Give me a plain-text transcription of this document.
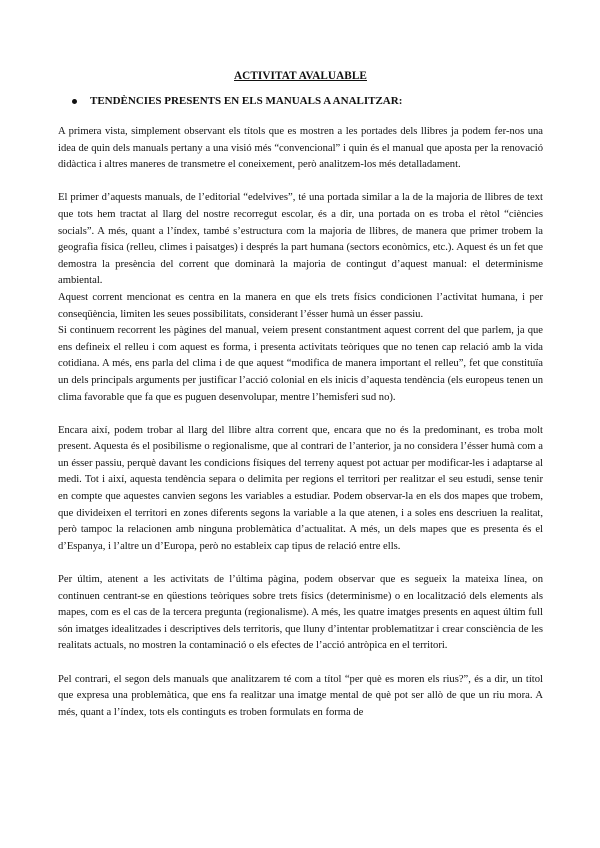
ACTIVITAT AVALUABLE
TENDÈNCIES PRESENTS EN ELS MANUALS A ANALITZAR:

A primera vista, simplement observant els títols que es mostren a les portades dels llibres ja podem fer-nos una idea de quin dels manuals pertany a una visió més “convencional” i quin és el manual que aposta per la renovació didàctica i altres maneres de transmetre el coneixement, però analitzem-los més detalladament.

El primer d’aquests manuals, de l’editorial “edelvives”, té una portada similar a la de la majoria de llibres de text que tots hem tractat al llarg del nostre recorregut escolar, és a dir, una portada on es troba el rètol “ciències socials”. A més, quant a l’índex, també s’estructura com la majoria de llibres, de manera que primer trobem la geografia física (relleu, climes i paisatges) i després la part humana (sectors econòmics, etc.). Aquest és un fet que demostra la presència del corrent que dominarà la majoria de contingut d’aquest manual: el determinisme ambiental.

Aquest corrent mencionat es centra en la manera en que els trets físics condicionen l’activitat humana, i per conseqüència, limiten les seues possibilitats, considerant l’ésser humà un ésser passiu.

Si continuem recorrent les pàgines del manual, veiem present constantment aquest corrent del que parlem, ja que ens defineix el relleu i com aquest es forma, i presenta activitats teòriques que no tenen cap relació amb la vida cotidiana. A més, ens parla del clima i de que aquest “modifica de manera important el relleu”, fet que constituïa un dels principals arguments per justificar l’acció colonial en els inicis d’aquesta tendència (els europeus tenen un clima favorable que fa que es puguen desenvolupar, mentre l’hemisferi sud no).

Encara així, podem trobar al llarg del llibre altra corrent que, encara que no és la predominant, es troba molt present. Aquesta és el posibilisme o regionalisme, que al contrari de l’anterior, ja no considera l’ésser humà com a un ésser passiu, perquè davant les condicions físiques del terreny aquest pot actuar per modificar-les i adaptarse al medi. Tot i així, aquesta tendència separa o delimita per regions el territori per realitzar el seu estudi, sense tenir en compte que aquestes canvien segons les variables a estudiar. Podem observar-la en els dos mapes que trobem, que divideixen el territori en zones diferents segons la variable a la que atenen, i a soles ens descriuen la realitat, però tampoc la relacionen amb ninguna problemàtica d’actualitat. A més, un dels mapes que es presenta és el d’Espanya, i l’altre un d’Europa, però no estableix cap tipus de relació entre ells.

Per últim, atenent a les activitats de l’última pàgina, podem observar que es segueix la mateixa línea, on continuen centrant-se en qüestions teòriques sobre trets físics (determinisme) o en localització dels elements als mapes, com es el cas de la tercera pregunta (regionalisme). A més, les quatre imatges presents en aquest últim full són imatges idealitzades i descriptives dels territoris, que lluny d’intentar problematitzar i crear consciència de les realitats actuals, no mostren la contaminació o els efectes de l’acció antròpica en el territori.

Pel contrari, el segon dels manuals que analitzarem té com a títol “per què es moren els rius?”, és a dir, un títol que expresa una problemàtica, que ens fa realitzar una imatge mental de què pot ser allò de que un riu mora. A més, quant a l’índex, tots els continguts es troben formulats en forma de
